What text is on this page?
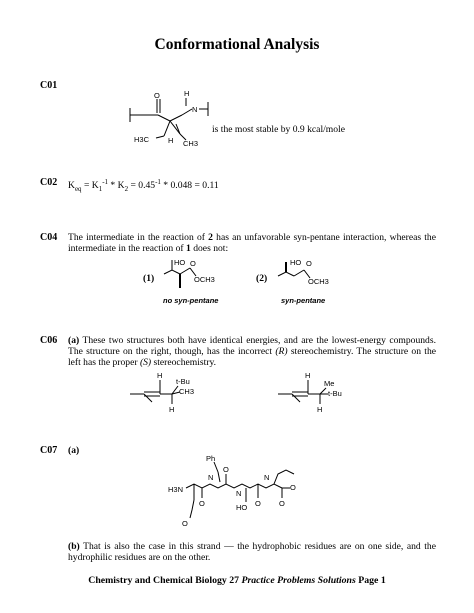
Conformational Analysis
C01
O	H
N
H3C	H CH3
is the most stable by 0.9 kcal/mole
C02 $K_{eq} = K_1^{-1} * K_2 = 0.45^{-1} * 0.048 = 0.11$
C04 The intermediate in the reaction of 2 has an unfavorable syn-pentane interaction, whereas the intermediate in the reaction of 1 does not:
(1)
HO O
OCH3
no syn-pentane
(2)
HO O
OCH3
syn-pentane
C06 (a) These two structures both have identical energies, and are the lowest-energy compounds. The structure on the right, though, has the incorrect (R) stereochemistry. The structure on the left has the proper (S) stereochemistry.
H
t-Bu
CH3
H
H
Me
t-Bu
H
C07 (a)
Ph
H3N
N
N
N
O
O
O
O
O
O
HO
(b) That is also the case in this strand — the hydrophobic residues are on one side, and the hydrophilic residues are on the other.
Chemistry and Chemical Biology 27 Practice Problems Solutions Page 1
